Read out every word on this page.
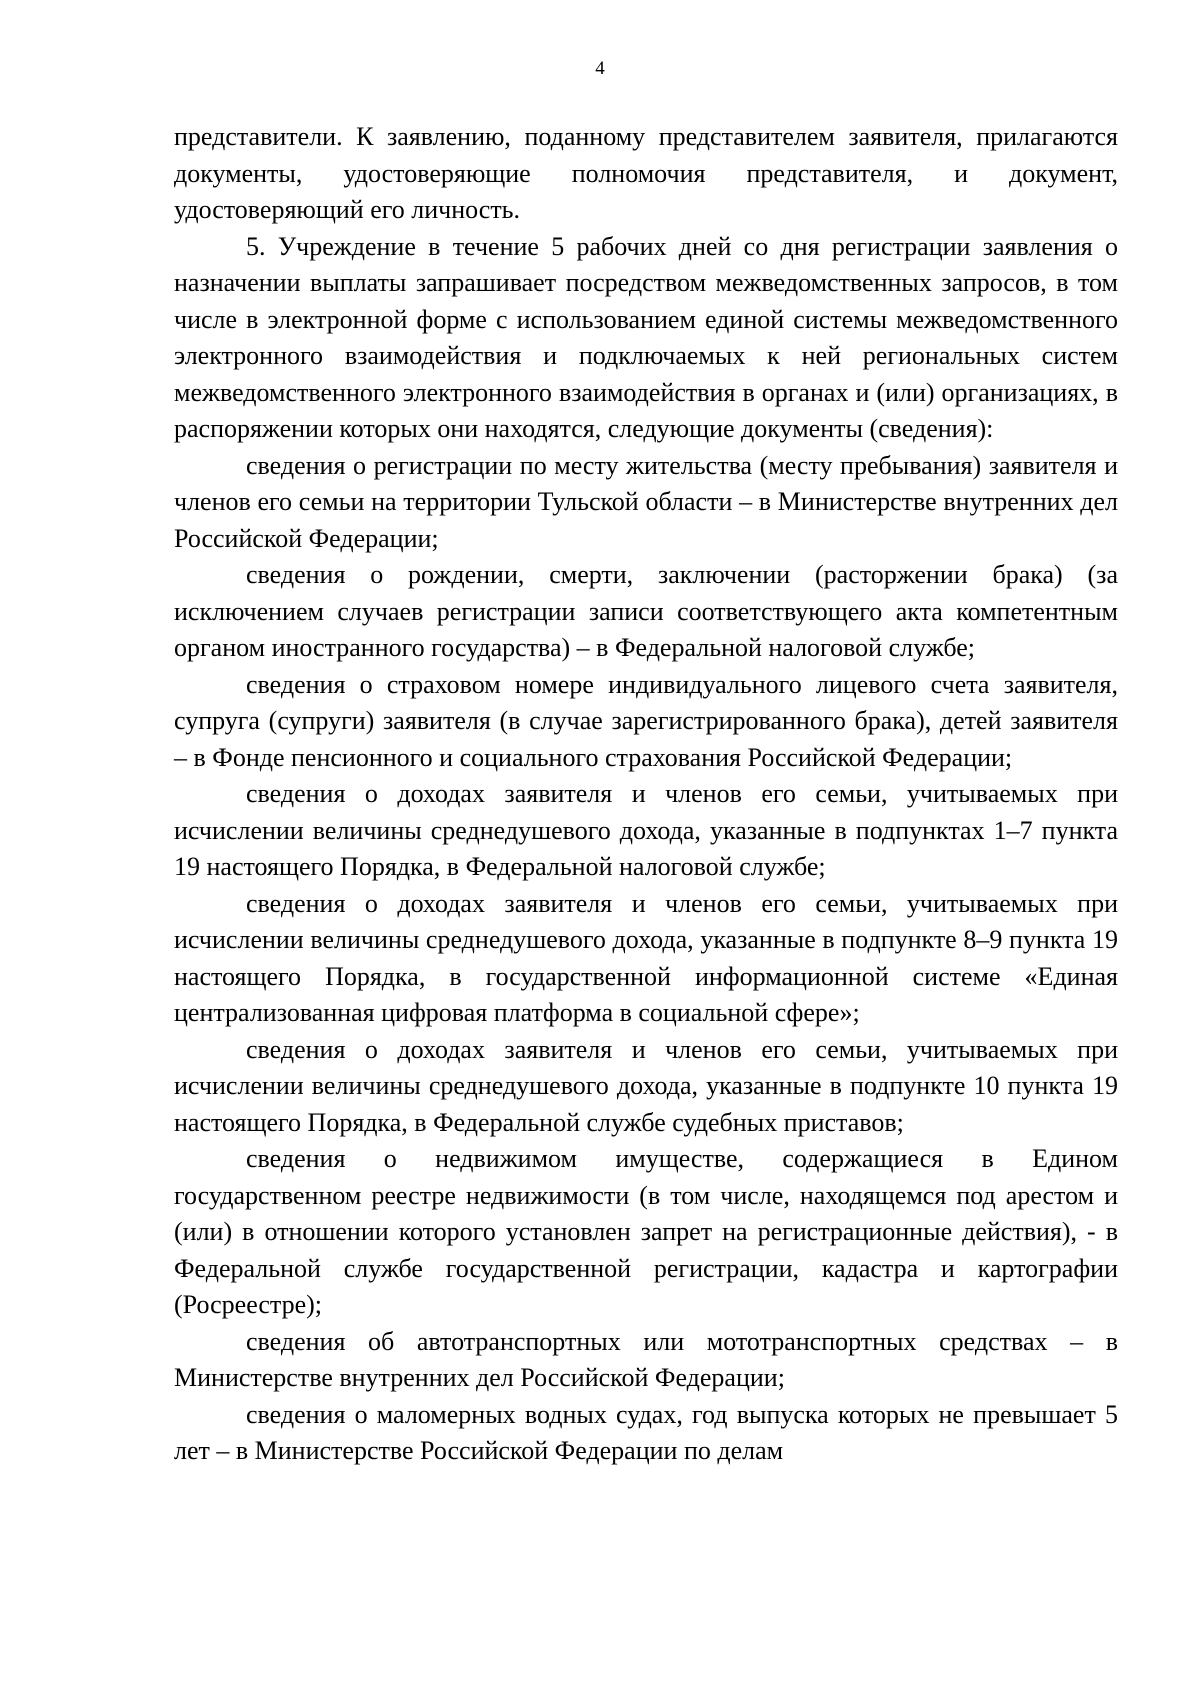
4

представители. К заявлению, поданному представителем заявителя, прилагаются документы, удостоверяющие полномочия представителя, и документ, удостоверяющий его личность.

5. Учреждение в течение 5 рабочих дней со дня регистрации заявления о назначении выплаты запрашивает посредством межведомственных запросов, в том числе в электронной форме с использованием единой системы межведомственного электронного взаимодействия и подключаемых к ней региональных систем межведомственного электронного взаимодействия в органах и (или) организациях, в распоряжении которых они находятся, следующие документы (сведения):

сведения о регистрации по месту жительства (месту пребывания) заявителя и членов его семьи на территории Тульской области – в Министерстве внутренних дел Российской Федерации;

сведения о рождении, смерти, заключении (расторжении брака) (за исключением случаев регистрации записи соответствующего акта компетентным органом иностранного государства) – в Федеральной налоговой службе;

сведения о страховом номере индивидуального лицевого счета заявителя, супруга (супруги) заявителя (в случае зарегистрированного брака), детей заявителя – в Фонде пенсионного и социального страхования Российской Федерации;

сведения о доходах заявителя и членов его семьи, учитываемых при исчислении величины среднедушевого дохода, указанные в подпунктах 1–7 пункта 19 настоящего Порядка, в Федеральной налоговой службе;

сведения о доходах заявителя и членов его семьи, учитываемых при исчислении величины среднедушевого дохода, указанные в подпункте 8–9 пункта 19 настоящего Порядка, в государственной информационной системе «Единая централизованная цифровая платформа в социальной сфере»;

сведения о доходах заявителя и членов его семьи, учитываемых при исчислении величины среднедушевого дохода, указанные в подпункте 10 пункта 19 настоящего Порядка, в Федеральной службе судебных приставов;

сведения о недвижимом имуществе, содержащиеся в Едином государственном реестре недвижимости (в том числе, находящемся под арестом и (или) в отношении которого установлен запрет на регистрационные действия), - в Федеральной службе государственной регистрации, кадастра и картографии (Росреестре);

сведения об автотранспортных или мототранспортных средствах – в Министерстве внутренних дел Российской Федерации;

сведения о маломерных водных судах, год выпуска которых не превышает 5 лет – в Министерстве Российской Федерации по делам
